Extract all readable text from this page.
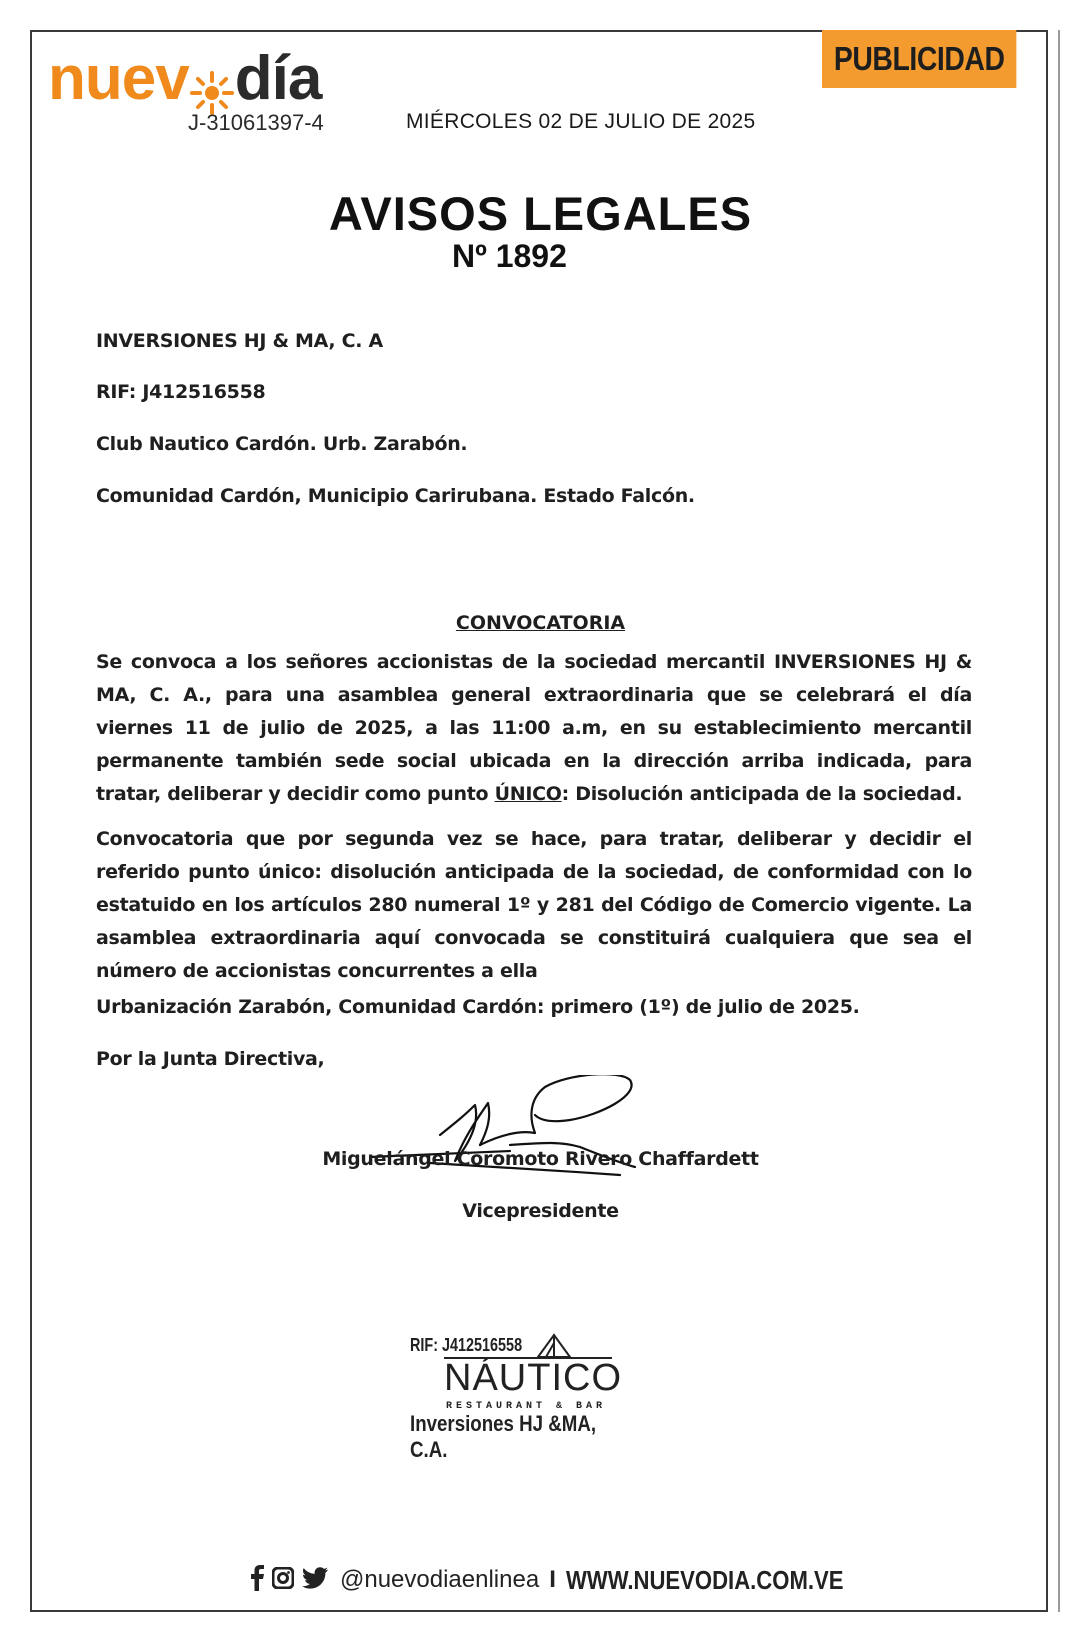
nuev día
J-31061397-4	MIÉRCOLES 02 DE JULIO DE 2025
PUBLICIDAD
AVISOS LEGALES
Nº 1892
INVERSIONES HJ & MA, C. A
RIF: J412516558
Club Nautico Cardón. Urb. Zarabón.
Comunidad Cardón, Municipio Carirubana. Estado Falcón.
CONVOCATORIA

Se convoca a los señores accionistas de la sociedad mercantil INVERSIONES HJ & MA, C. A., para una asamblea general extraordinaria que se celebrará el día viernes 11 de julio de 2025, a las 11:00 a.m, en su establecimiento mercantil permanente también sede social ubicada en la dirección arriba indicada, para tratar, deliberar y decidir como punto ÚNICO: Disolución anticipada de la sociedad.

Convocatoria que por segunda vez se hace, para tratar, deliberar y decidir el referido punto único: disolución anticipada de la sociedad, de conformidad con lo estatuido en los artículos 280 numeral 1º y 281 del Código de Comercio vigente. La asamblea extraordinaria aquí convocada se constituirá cualquiera que sea el número de accionistas concurrentes a ella

Urbanización Zarabón, Comunidad Cardón: primero (1º) de julio de 2025.
Por la Junta Directiva,
Miguelángel Coromoto Rivero Chaffardett
Vicepresidente
RIF: J412516558
NÁUTICO
RESTAURANT & BAR
Inversiones HJ &MA, C.A.
@nuevodiaenlinea I WWW.NUEVODIA.COM.VE
